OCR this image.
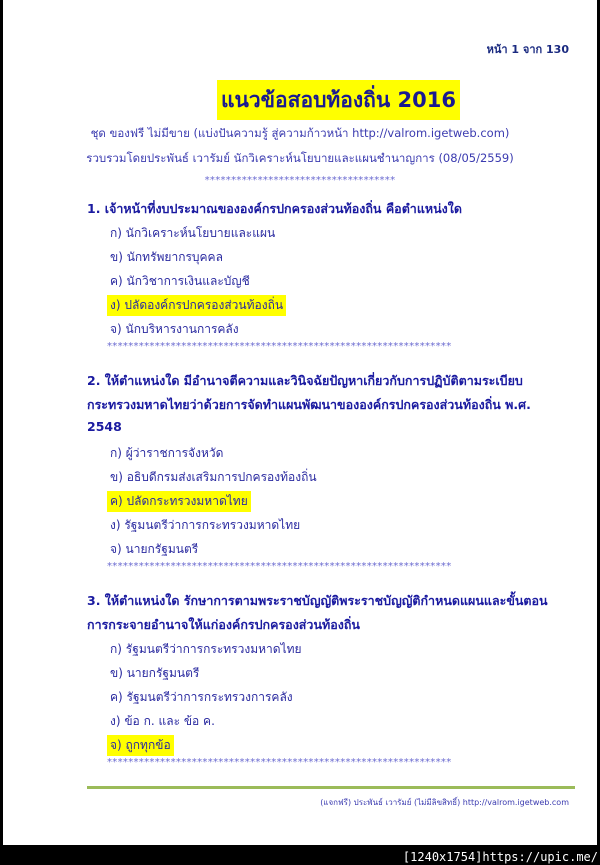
หน้า 1 จาก 130
แนวข้อสอบท้องถิ่น 2016
ชุด ของฟรี ไม่มีขาย (แบ่งปันความรู้ สู่ความก้าวหน้า http://valrom.igetweb.com)
รวบรวมโดยประพันธ์ เวารัมย์ นักวิเคราะห์นโยบายและแผนชำนาญการ (08/05/2559)
************************************
1. เจ้าหน้าที่งบประมาณขององค์กรปกครองส่วนท้องถิ่น คือตำแหน่งใด
ก) นักวิเคราะห์นโยบายและแผน
ข) นักทรัพยากรบุคคล
ค) นักวิชาการเงินและบัญชี
ง) ปลัดองค์กรปกครองส่วนท้องถิ่น
จ) นักบริหารงานการคลัง
*****************************************************************
2. ให้ตำแหน่งใด มีอำนาจตีความและวินิจฉัยปัญหาเกี่ยวกับการปฏิบัติตามระเบียบ
กระทรวงมหาดไทยว่าด้วยการจัดทำแผนพัฒนาขององค์กรปกครองส่วนท้องถิ่น พ.ศ.
2548
ก) ผู้ว่าราชการจังหวัด
ข) อธิบดีกรมส่งเสริมการปกครองท้องถิ่น
ค) ปลัดกระทรวงมหาดไทย
ง) รัฐมนตรีว่าการกระทรวงมหาดไทย
จ) นายกรัฐมนตรี
*****************************************************************
3. ให้ตำแหน่งใด รักษาการตามพระราชบัญญัติพระราชบัญญัติกำหนดแผนและขั้นตอน
การกระจายอำนาจให้แก่องค์กรปกครองส่วนท้องถิ่น
ก) รัฐมนตรีว่าการกระทรวงมหาดไทย
ข) นายกรัฐมนตรี
ค) รัฐมนตรีว่าการกระทรวงการคลัง
ง) ข้อ ก. และ ข้อ ค.
จ) ถูกทุกข้อ
*****************************************************************
(แจกฟรี) ประพันธ์ เวารัมย์ (ไม่มีลิขสิทธิ์) http://valrom.igetweb.com
[1240x1754]https://upic.me/
